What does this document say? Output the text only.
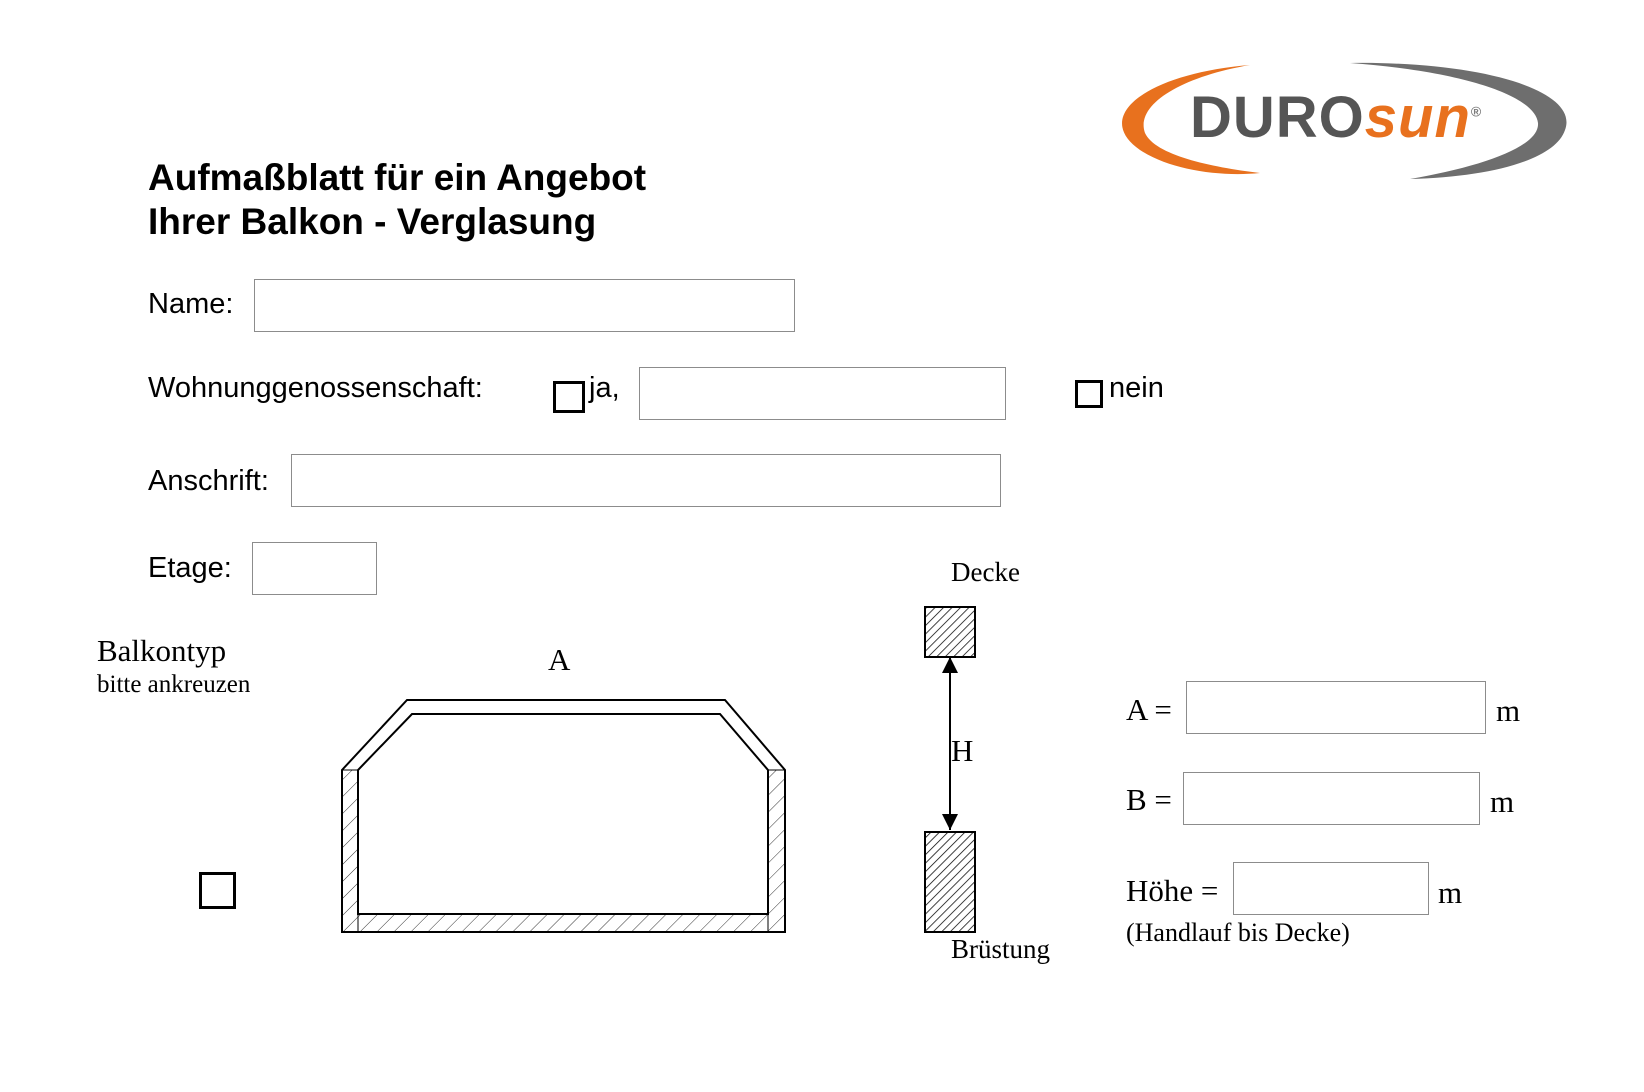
DUROsun®
Aufmaßblatt für ein Angebot
Ihrer Balkon - Verglasung
Name:
Wohnunggenossenschaft:	ja,	nein
Anschrift:
Etage:
Balkontyp
bitte ankreuzen
A
Decke
H
Brüstung
A =	m
B =	m
Höhe =	m
(Handlauf bis Decke)
